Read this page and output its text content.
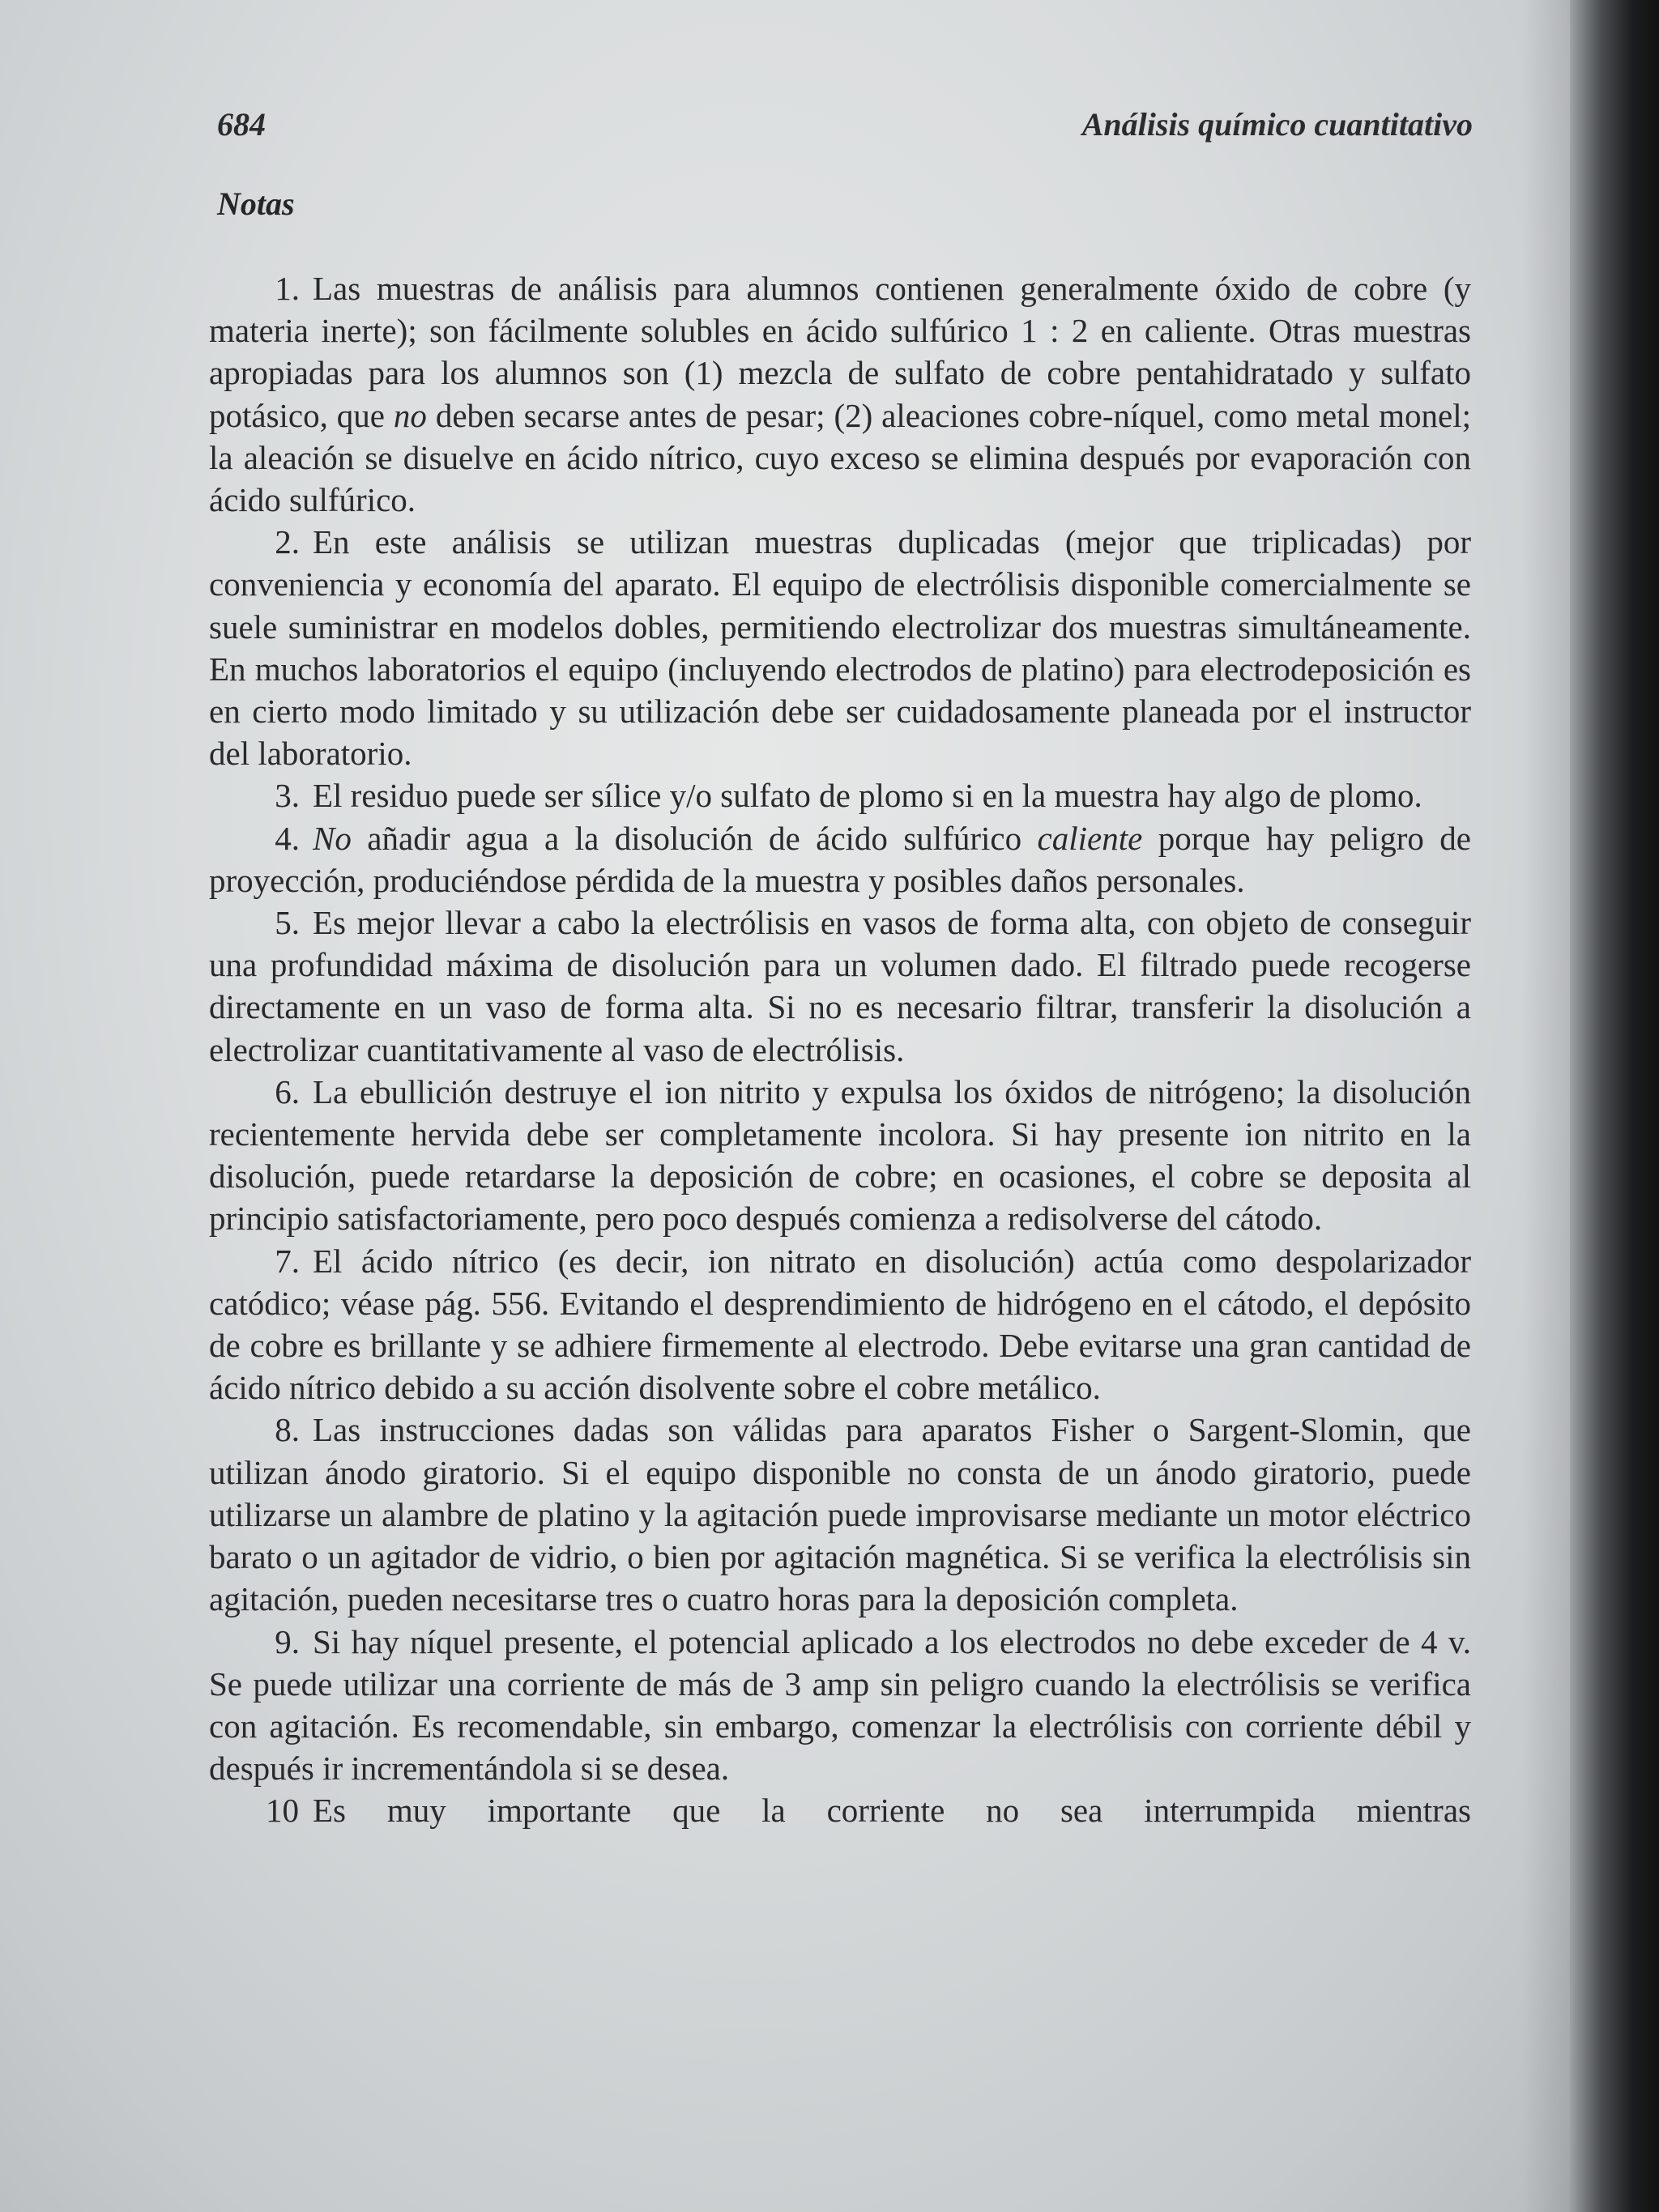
684	Análisis químico cuantitativo
Notas

1. Las muestras de análisis para alumnos contienen generalmente óxido de cobre (y materia inerte); son fácilmente solubles en ácido sulfúrico 1 : 2 en caliente. Otras muestras apropiadas para los alumnos son (1) mezcla de sulfato de cobre pentahidratado y sulfato potásico, que no deben secarse antes de pesar; (2) aleaciones cobre-níquel, como metal monel; la aleación se disuelve en ácido nítrico, cuyo exceso se elimina después por evaporación con ácido sulfúrico.

2. En este análisis se utilizan muestras duplicadas (mejor que triplicadas) por conveniencia y economía del aparato. El equipo de electrólisis disponible comercialmente se suele suministrar en modelos dobles, permitiendo electrolizar dos muestras simultáneamente. En muchos laboratorios el equipo (incluyendo electrodos de platino) para electrodeposición es en cierto modo limitado y su utilización debe ser cuidadosamente planeada por el instructor del laboratorio.

3. El residuo puede ser sílice y/o sulfato de plomo si en la muestra hay algo de plomo.

4. No añadir agua a la disolución de ácido sulfúrico caliente porque hay peligro de proyección, produciéndose pérdida de la muestra y posibles daños personales.

5. Es mejor llevar a cabo la electrólisis en vasos de forma alta, con objeto de conseguir una profundidad máxima de disolución para un volumen dado. El filtrado puede recogerse directamente en un vaso de forma alta. Si no es necesario filtrar, transferir la disolución a electrolizar cuantitativamente al vaso de electrólisis.

6. La ebullición destruye el ion nitrito y expulsa los óxidos de nitrógeno; la disolución recientemente hervida debe ser completamente incolora. Si hay presente ion nitrito en la disolución, puede retardarse la deposición de cobre; en ocasiones, el cobre se deposita al principio satisfactoriamente, pero poco después comienza a redisolverse del cátodo.

7. El ácido nítrico (es decir, ion nitrato en disolución) actúa como despolarizador catódico; véase pág. 556. Evitando el desprendimiento de hidrógeno en el cátodo, el depósito de cobre es brillante y se adhiere firmemente al electrodo. Debe evitarse una gran cantidad de ácido nítrico debido a su acción disolvente sobre el cobre metálico.

8. Las instrucciones dadas son válidas para aparatos Fisher o Sargent-Slomin, que utilizan ánodo giratorio. Si el equipo disponible no consta de un ánodo giratorio, puede utilizarse un alambre de platino y la agitación puede improvisarse mediante un motor eléctrico barato o un agitador de vidrio, o bien por agitación magnética. Si se verifica la electrólisis sin agitación, pueden necesitarse tres o cuatro horas para la deposición completa.

9. Si hay níquel presente, el potencial aplicado a los electrodos no debe exceder de 4 v. Se puede utilizar una corriente de más de 3 amp sin peligro cuando la electrólisis se verifica con agitación. Es recomendable, sin embargo, comenzar la electrólisis con corriente débil y después ir incrementándola si se desea.

10 Es muy importante que la corriente no sea interrumpida mientras
